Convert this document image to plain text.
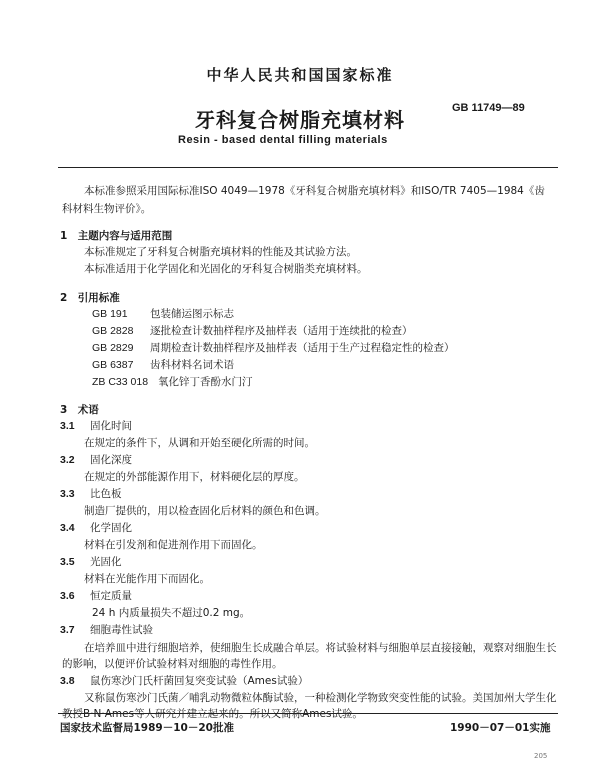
中华人民共和国国家标准
牙科复合树脂充填材料	GB 11749—89
Resin - based dental filling materials
本标准参照采用国际标准ISO 4049—1978《牙科复合树脂充填材料》和ISO/TR 7405—1984《齿
科材料生物评价》。
1　主题内容与适用范围
本标准规定了牙科复合树脂充填材料的性能及其试验方法。
本标准适用于化学固化和光固化的牙科复合树脂类充填材料。
2　引用标准
GB 191 包装储运图示标志
GB 2828 逐批检查计数抽样程序及抽样表（适用于连续批的检查）
GB 2829 周期检查计数抽样程序及抽样表（适用于生产过程稳定性的检查）
GB 6387 齿科材料名词术语
ZB C33 018 氧化锌丁香酚水门汀
3　术语
3.1 固化时间
在规定的条件下，从调和开始至硬化所需的时间。
3.2 固化深度
在规定的外部能源作用下，材料硬化层的厚度。
3.3 比色板
制造厂提供的，用以检查固化后材料的颜色和色调。
3.4 化学固化
材料在引发剂和促进剂作用下而固化。
3.5 光固化
材料在光能作用下而固化。
3.6 恒定质量
24 h 内质量损失不超过0.2 mg。
3.7 细胞毒性试验
在培养皿中进行细胞培养，使细胞生长成融合单层。将试验材料与细胞单层直接接触，观察对细胞生长的影响，以便评价试验材料对细胞的毒性作用。
3.8 鼠伤寒沙门氏杆菌回复突变试验（Ames试验）
又称鼠伤寒沙门氏菌／哺乳动物微粒体酶试验，一种检测化学物致突变性能的试验。美国加州大学生化教授B·N·Ames等人研究并建立起来的。所以又简称Ames试验。
国家技术监督局1989－10－20批准	1990－07－01实施
205
